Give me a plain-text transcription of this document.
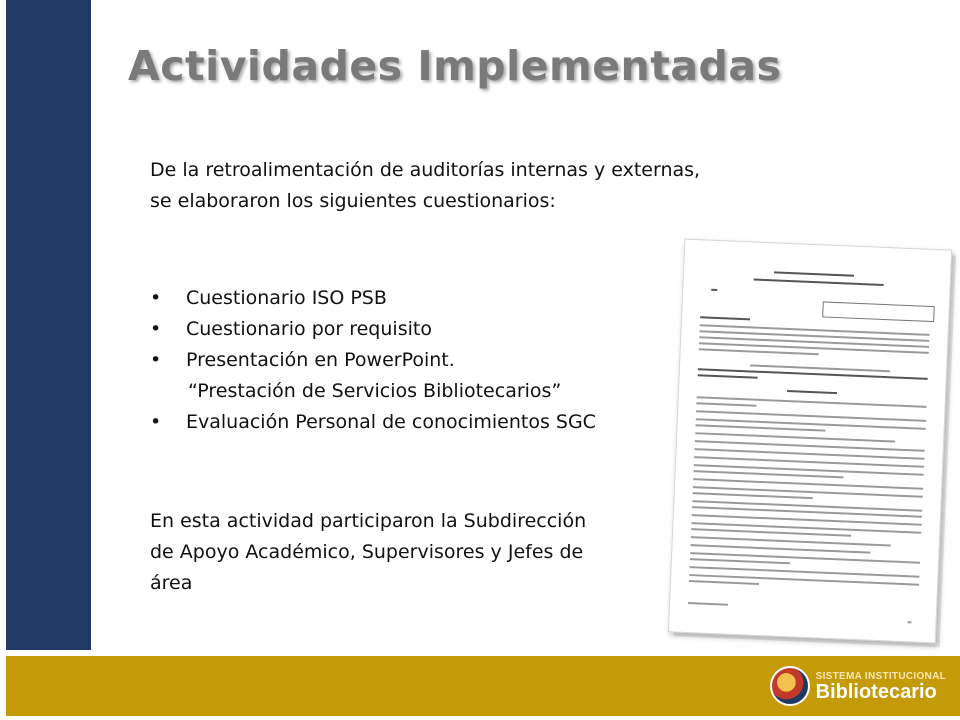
Actividades Implementadas
De la retroalimentación de auditorías internas y externas,
se elaboraron los siguientes cuestionarios:
• Cuestionario ISO PSB
• Cuestionario por requisito
• Presentación en PowerPoint.
“Prestación de Servicios Bibliotecarios”
• Evaluación Personal de conocimientos SGC
En esta actividad participaron la Subdirección
de Apoyo Académico, Supervisores y Jefes de
área
SISTEMA INSTITUCIONAL
Bibliotecario
